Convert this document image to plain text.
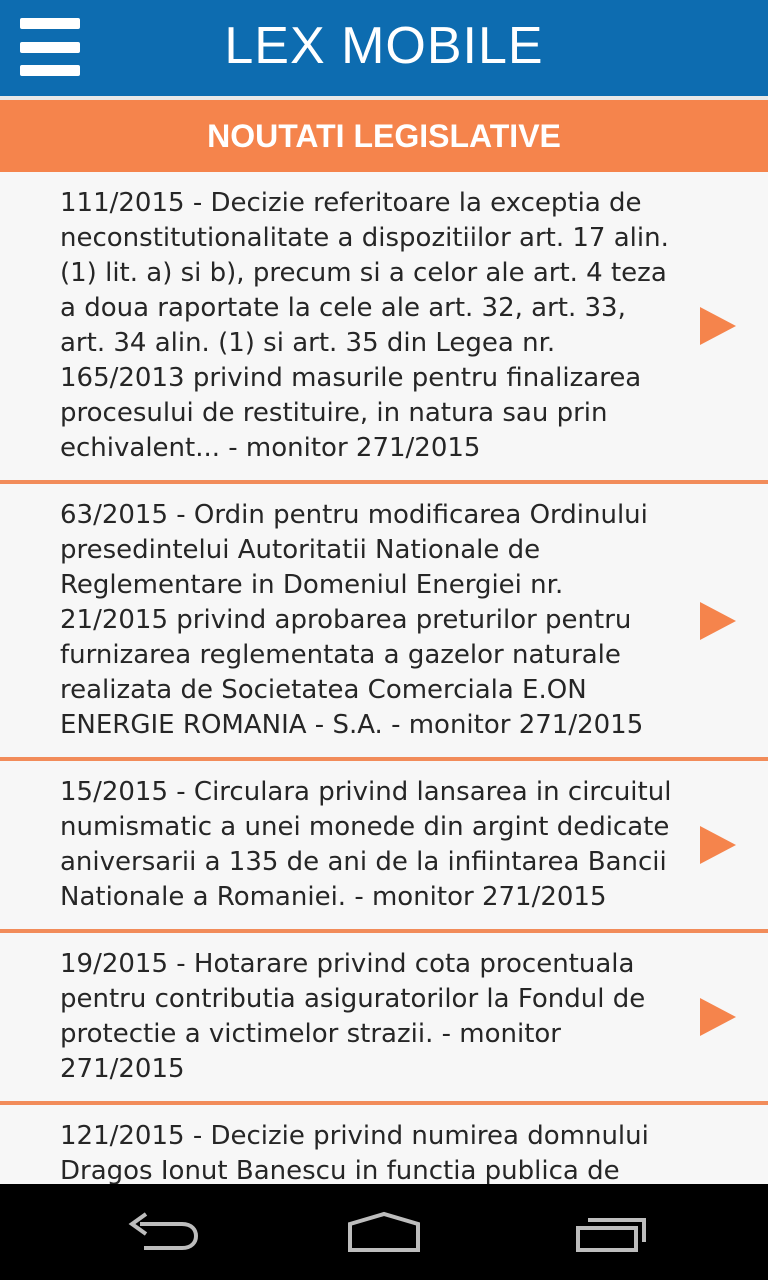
LEX MOBILE
NOUTATI LEGISLATIVE
111/2015 - Decizie referitoare la exceptia de neconstitutionalitate a dispozitiilor art. 17 alin. (1) lit. a) si b), precum si a celor ale art. 4 teza a doua raportate la cele ale art. 32, art. 33, art. 34 alin. (1) si art. 35 din Legea nr. 165/2013 privind masurile pentru finalizarea procesului de restituire, in natura sau prin echivalent... - monitor 271/2015
63/2015 - Ordin pentru modificarea Ordinului presedintelui Autoritatii Nationale de Reglementare in Domeniul Energiei nr. 21/2015 privind aprobarea preturilor pentru furnizarea reglementata a gazelor naturale realizata de Societatea Comerciala E.ON ENERGIE ROMANIA - S.A. - monitor 271/2015
15/2015 - Circulara privind lansarea in circuitul numismatic a unei monede din argint dedicate aniversarii a 135 de ani de la infiintarea Bancii Nationale a Romaniei. - monitor 271/2015
19/2015 - Hotarare privind cota procentuala pentru contributia asiguratorilor la Fondul de protectie a victimelor strazii. - monitor 271/2015
121/2015 - Decizie privind numirea domnului Dragos Ionut Banescu in functia publica de
